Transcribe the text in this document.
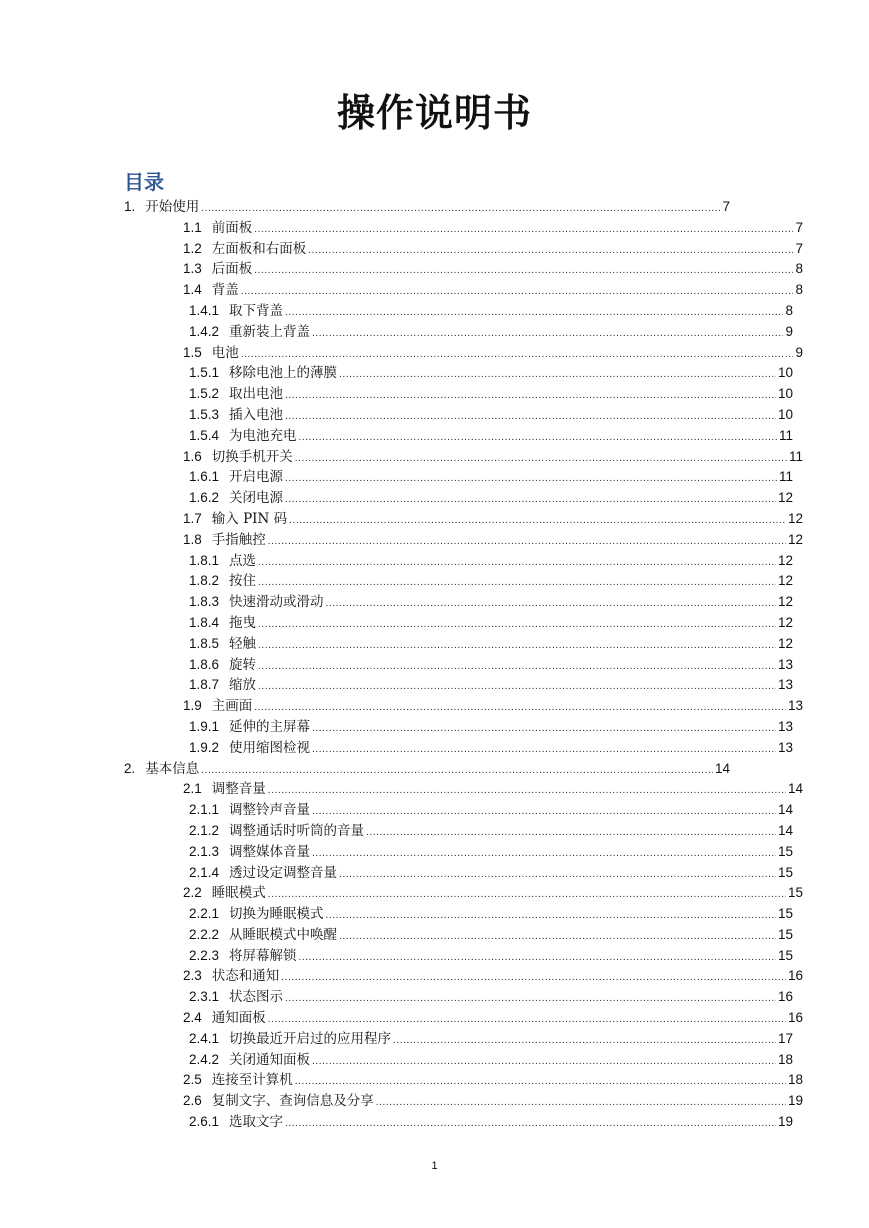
操作说明书
目录
1. 开始使用 .....	7
1.1 前面板 .....	7
1.2 左面板和右面板 .....	7
1.3 后面板 .....	8
1.4 背盖 .....	8
1.4.1 取下背盖 .....	8
1.4.2 重新装上背盖 .....	9
1.5 电池 .....	9
1.5.1 移除电池上的薄膜 .....	10
1.5.2 取出电池 .....	10
1.5.3 插入电池 .....	10
1.5.4 为电池充电 .....	11
1.6 切换手机开关 .....	11
1.6.1 开启电源 .....	11
1.6.2 关闭电源 .....	12
1.7 输入 PIN 码 .....	12
1.8 手指触控 .....	12
1.8.1 点选 .....	12
1.8.2 按住 .....	12
1.8.3 快速滑动或滑动 .....	12
1.8.4 拖曳 .....	12
1.8.5 轻触 .....	12
1.8.6 旋转 .....	13
1.8.7 缩放 .....	13
1.9 主画面 .....	13
1.9.1 延伸的主屏幕 .....	13
1.9.2 使用缩图检视 .....	13
2. 基本信息 .....	14
2.1 调整音量 .....	14
2.1.1 调整铃声音量 .....	14
2.1.2 调整通话时听筒的音量 .....	14
2.1.3 调整媒体音量 .....	15
2.1.4 透过设定调整音量 .....	15
2.2 睡眠模式 .....	15
2.2.1 切换为睡眠模式 .....	15
2.2.2 从睡眠模式中唤醒 .....	15
2.2.3 将屏幕解锁 .....	15
2.3 状态和通知 .....	16
2.3.1 状态图示 .....	16
2.4 通知面板 .....	16
2.4.1 切换最近开启过的应用程序 .....	17
2.4.2 关闭通知面板 .....	18
2.5 连接至计算机 .....	18
2.6 复制文字、查询信息及分享 .....	19
2.6.1 选取文字 .....	19
1
